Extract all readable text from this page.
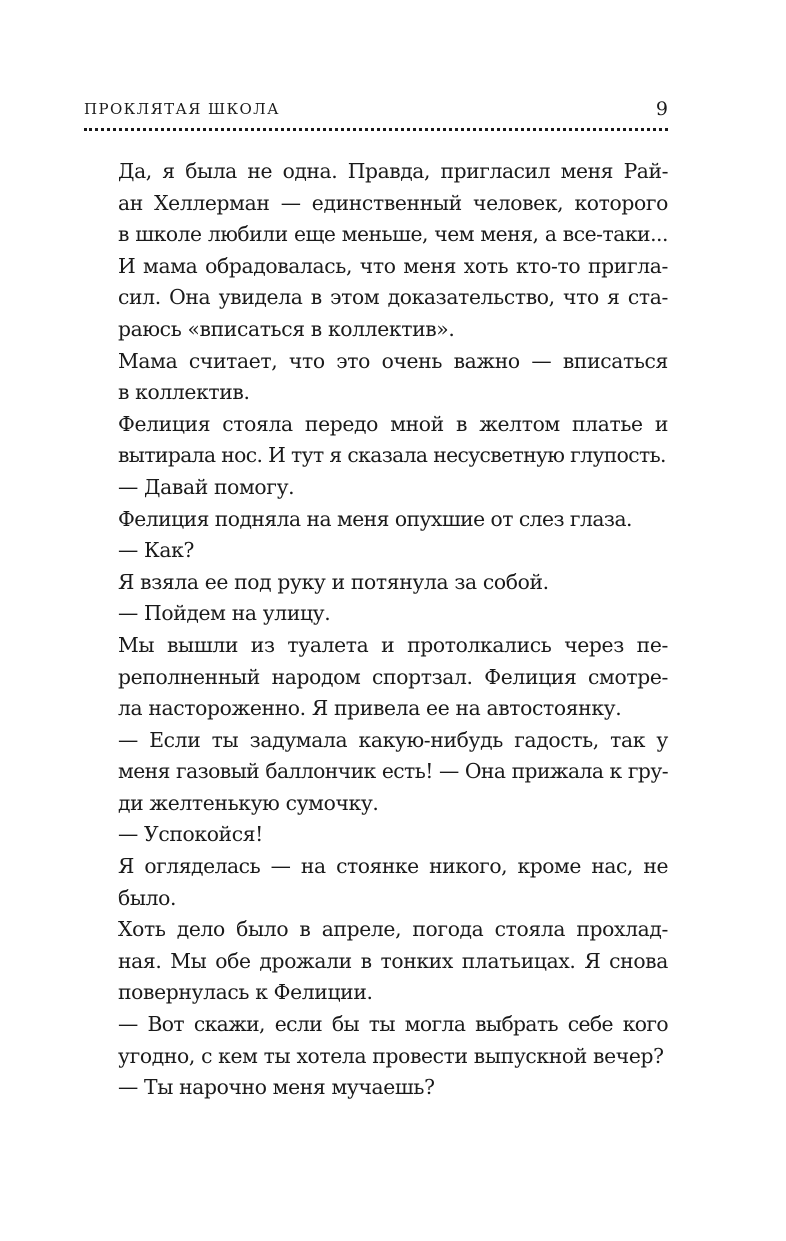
ПРОКЛЯТАЯ ШКОЛА	9

Да, я была не одна. Правда, пригласил меня Рай-
ан Хеллерман — единственный человек, которого
в школе любили еще меньше, чем меня, а все-таки...
И мама обрадовалась, что меня хоть кто-то пригла-
сил. Она увидела в этом доказательство, что я ста-
раюсь «вписаться в коллектив».

Мама считает, что это очень важно — вписаться
в коллектив.

Фелиция стояла передо мной в желтом платье и
вытирала нос. И тут я сказала несусветную глупость.

— Давай помогу.

Фелиция подняла на меня опухшие от слез глаза.

— Как?

Я взяла ее под руку и потянула за собой.

— Пойдем на улицу.

Мы вышли из туалета и протолкались через пе-
реполненный народом спортзал. Фелиция смотре-
ла настороженно. Я привела ее на автостоянку.

— Если ты задумала какую-нибудь гадость, так у
меня газовый баллончик есть! — Она прижала к гру-
ди желтенькую сумочку.

— Успокойся!

Я огляделась — на стоянке никого, кроме нас, не
было.

Хоть дело было в апреле, погода стояла прохлад-
ная. Мы обе дрожали в тонких платьицах. Я снова
повернулась к Фелиции.

— Вот скажи, если бы ты могла выбрать себе кого
угодно, с кем ты хотела провести выпускной вечер?

— Ты нарочно меня мучаешь?
